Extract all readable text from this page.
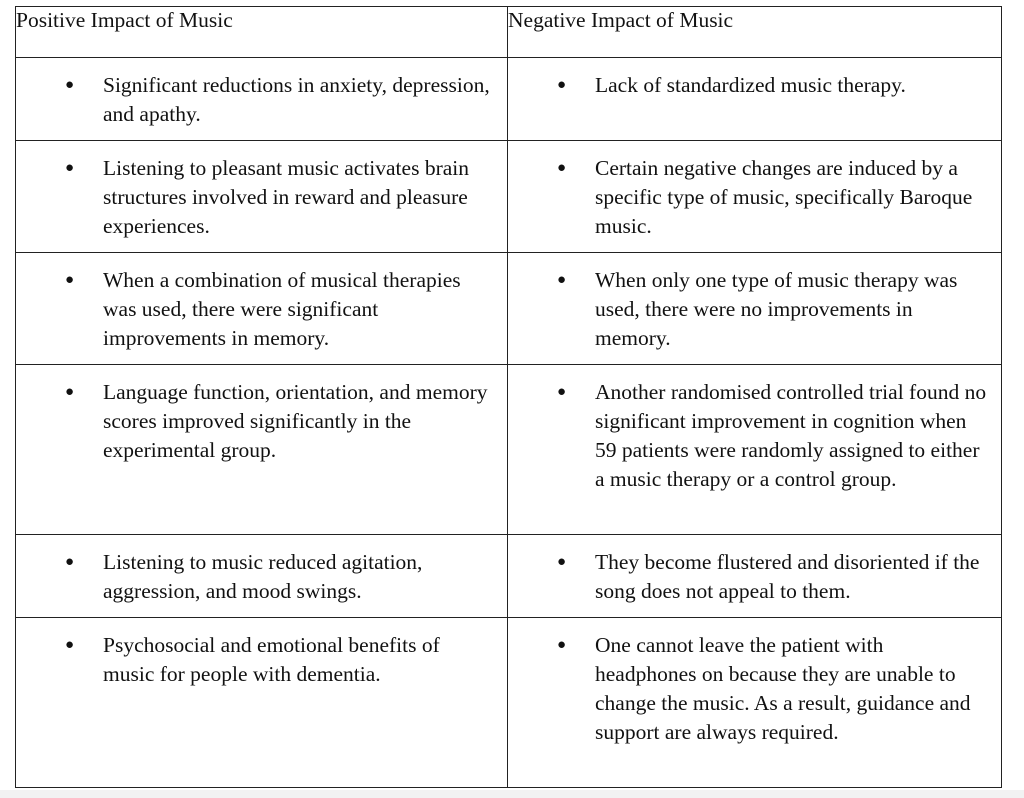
Positive Impact of Music	Negative Impact of Music

● Significant reductions in anxiety, depression, and apathy.	● Lack of standardized music therapy.

● Listening to pleasant music activates brain structures involved in reward and pleasure experiences.	● Certain negative changes are induced by a specific type of music, specifically Baroque music.

● When a combination of musical therapies was used, there were significant improvements in memory.	● When only one type of music therapy was used, there were no improvements in memory.

● Language function, orientation, and memory scores improved significantly in the experimental group.	● Another randomised controlled trial found no significant improvement in cognition when 59 patients were randomly assigned to either a music therapy or a control group.

● Listening to music reduced agitation, aggression, and mood swings.	● They become flustered and disoriented if the song does not appeal to them.

● Psychosocial and emotional benefits of music for people with dementia.	● One cannot leave the patient with headphones on because they are unable to change the music. As a result, guidance and support are always required.
